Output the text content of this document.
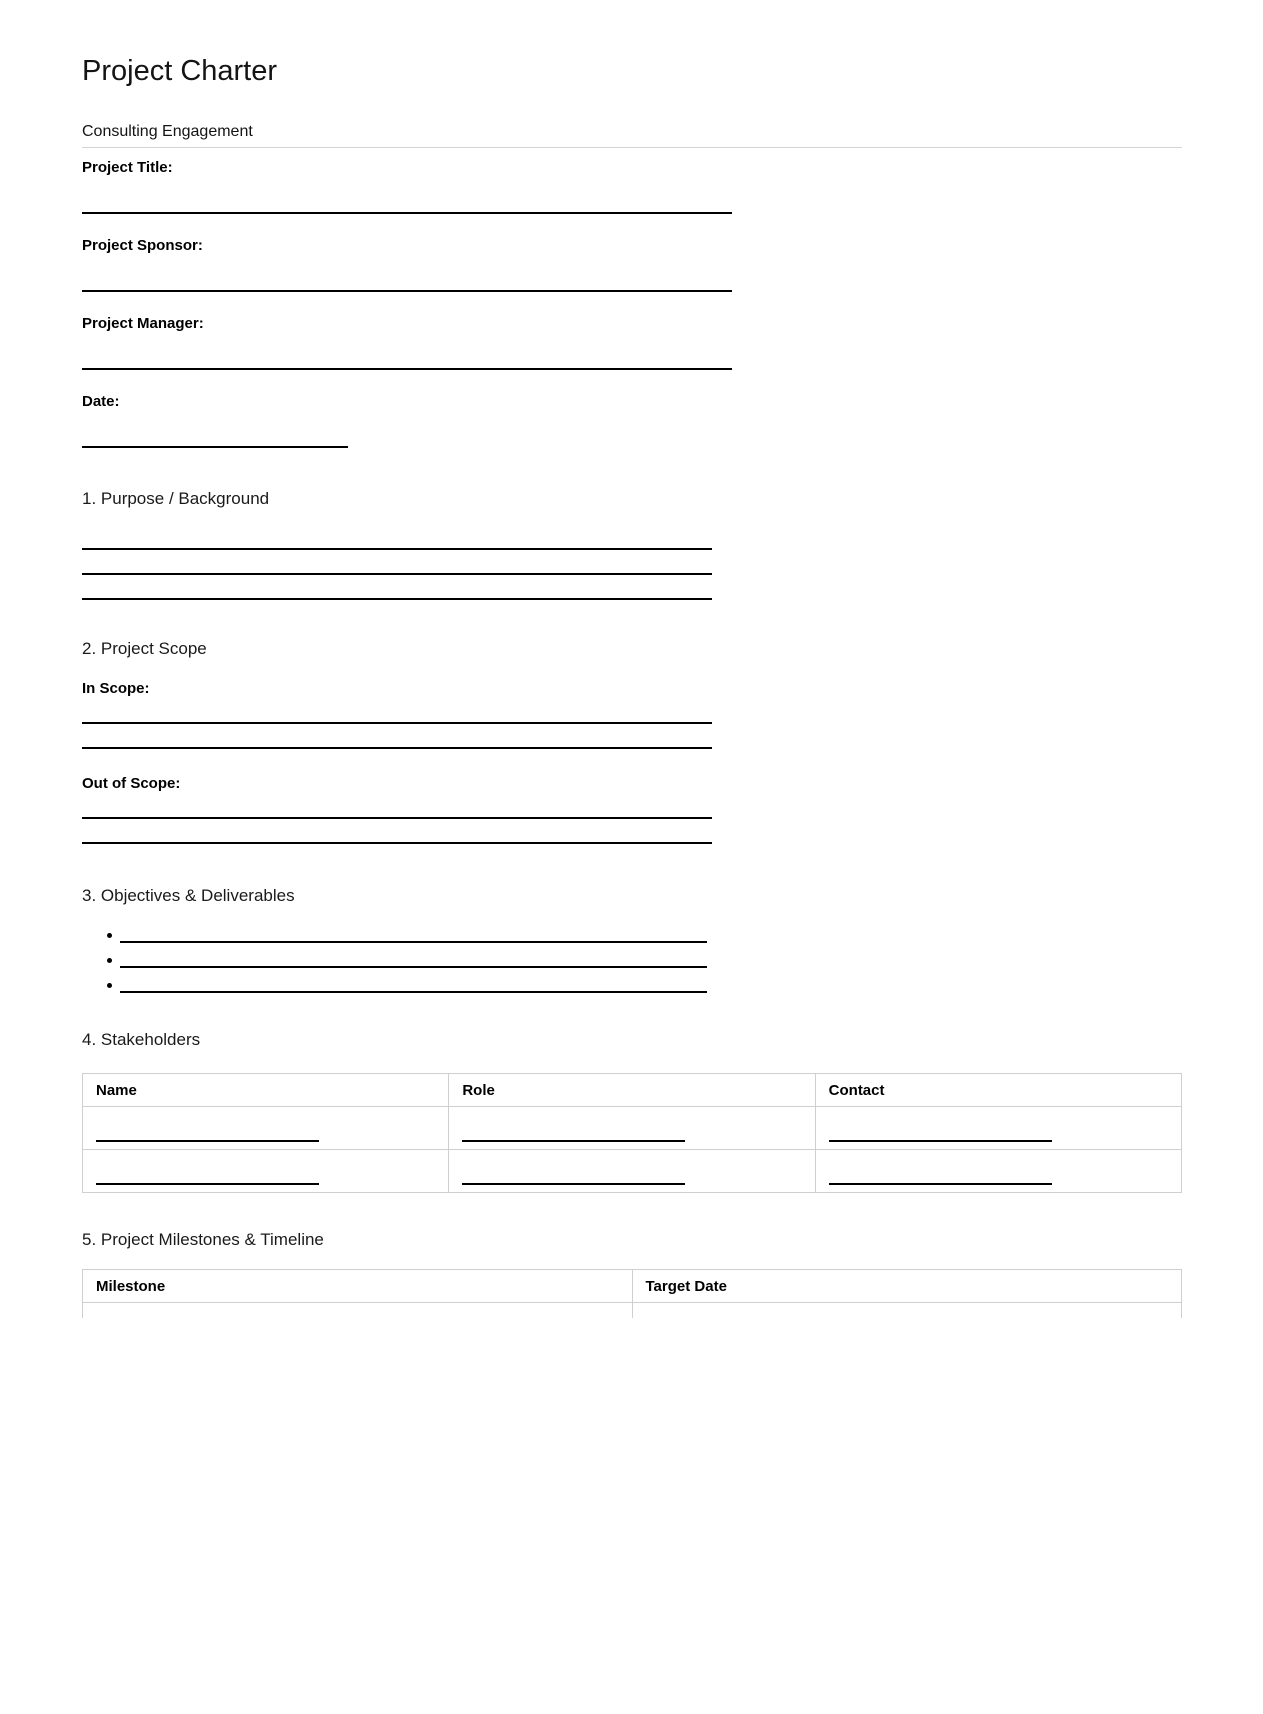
Project Charter
Consulting Engagement
Project Title:
Project Sponsor:
Project Manager:
Date:
1. Purpose / Background
2. Project Scope
In Scope:
Out of Scope:
3. Objectives & Deliverables
4. Stakeholders
Name	Role	Contact

5. Project Milestones & Timeline
Milestone	Target Date
